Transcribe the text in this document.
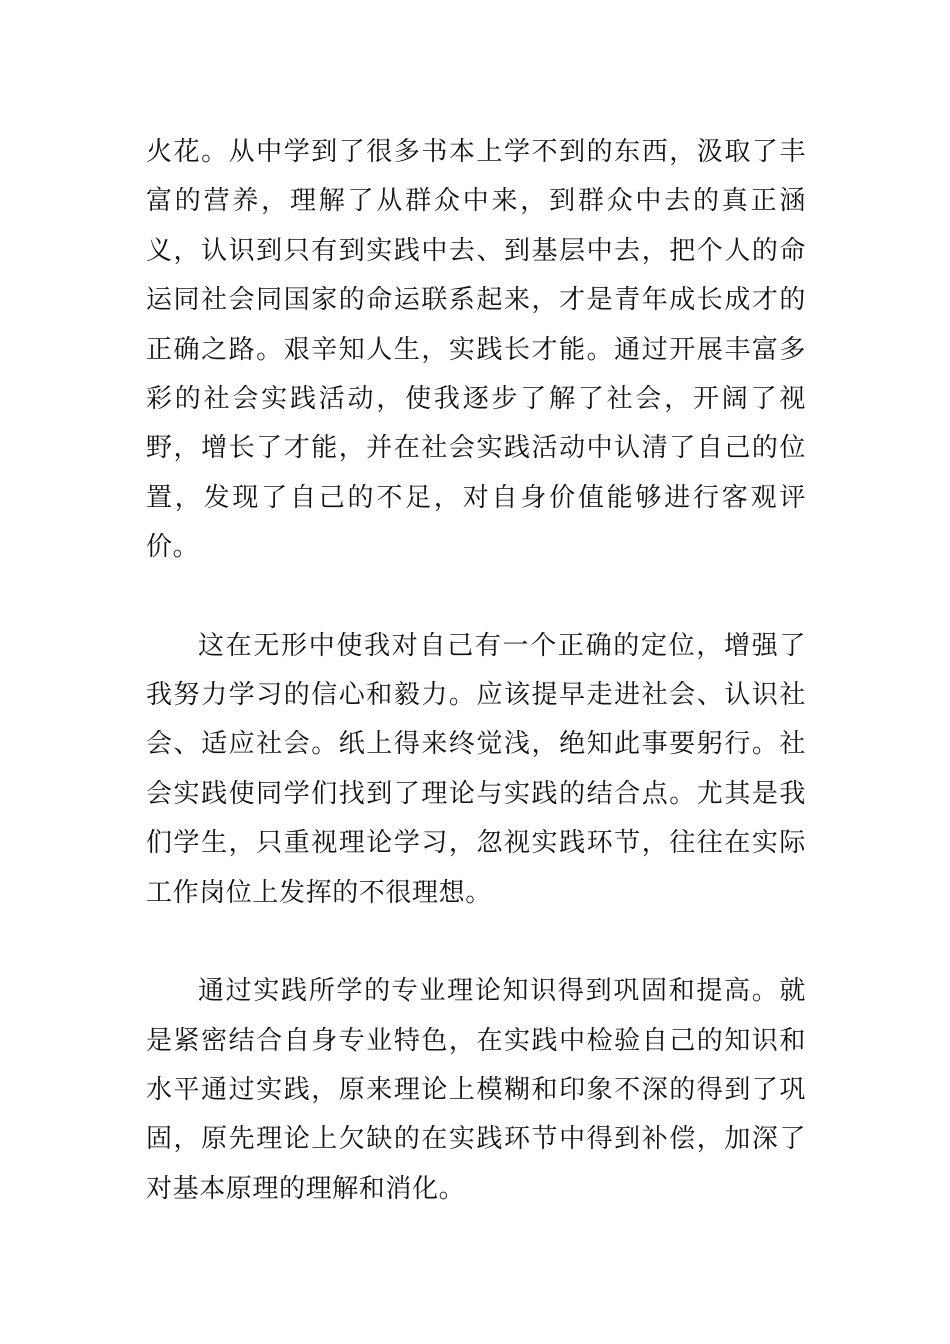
火花。从中学到了很多书本上学不到的东西，汲取了丰富的营养，理解了从群众中来，到群众中去的真正涵义，认识到只有到实践中去、到基层中去，把个人的命运同社会同国家的命运联系起来，才是青年成长成才的正确之路。艰辛知人生，实践长才能。通过开展丰富多彩的社会实践活动，使我逐步了解了社会，开阔了视野，增长了才能，并在社会实践活动中认清了自己的位置，发现了自己的不足，对自身价值能够进行客观评价。

这在无形中使我对自己有一个正确的定位，增强了我努力学习的信心和毅力。应该提早走进社会、认识社会、适应社会。纸上得来终觉浅，绝知此事要躬行。社会实践使同学们找到了理论与实践的结合点。尤其是我们学生，只重视理论学习，忽视实践环节，往往在实际工作岗位上发挥的不很理想。

通过实践所学的专业理论知识得到巩固和提高。就是紧密结合自身专业特色，在实践中检验自己的知识和水平通过实践，原来理论上模糊和印象不深的得到了巩固，原先理论上欠缺的在实践环节中得到补偿，加深了对基本原理的理解和消化。
